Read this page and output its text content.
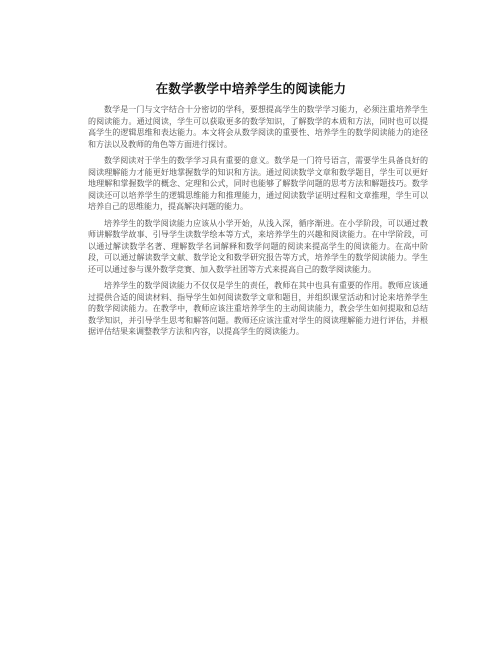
在数学教学中培养学生的阅读能力

数学是一门与文字结合十分密切的学科，要想提高学生的数学学习能力，必须注重培养学生的阅读能力。通过阅读，学生可以获取更多的数学知识，了解数学的本质和方法，同时也可以提高学生的逻辑思维和表达能力。本文将会从数学阅读的重要性、培养学生的数学阅读能力的途径和方法以及教师的角色等方面进行探讨。

数学阅读对于学生的数学学习具有重要的意义。数学是一门符号语言，需要学生具备良好的阅读理解能力才能更好地掌握数学的知识和方法。通过阅读数学文章和数学题目，学生可以更好地理解和掌握数学的概念、定理和公式，同时也能够了解数学问题的思考方法和解题技巧。数学阅读还可以培养学生的逻辑思维能力和推理能力，通过阅读数学证明过程和文章推理，学生可以培养自己的思维能力，提高解决问题的能力。

培养学生的数学阅读能力应该从小学开始，从浅入深，循序渐进。在小学阶段，可以通过教师讲解数学故事、引导学生读数学绘本等方式，来培养学生的兴趣和阅读能力。在中学阶段，可以通过解读数学名著、理解数学名词解释和数学问题的阅读来提高学生的阅读能力。在高中阶段，可以通过解读数学文献、数学论文和数学研究报告等方式，培养学生的数学阅读能力。学生还可以通过参与课外数学竞赛、加入数学社团等方式来提高自己的数学阅读能力。

培养学生的数学阅读能力不仅仅是学生的责任，教师在其中也具有重要的作用。教师应该通过提供合适的阅读材料、指导学生如何阅读数学文章和题目，并组织课堂活动和讨论来培养学生的数学阅读能力。在教学中，教师应该注重培养学生的主动阅读能力，教会学生如何提取和总结数学知识，并引导学生思考和解答问题。教师还应该注重对学生的阅读理解能力进行评估，并根据评估结果来调整教学方法和内容，以提高学生的阅读能力。
